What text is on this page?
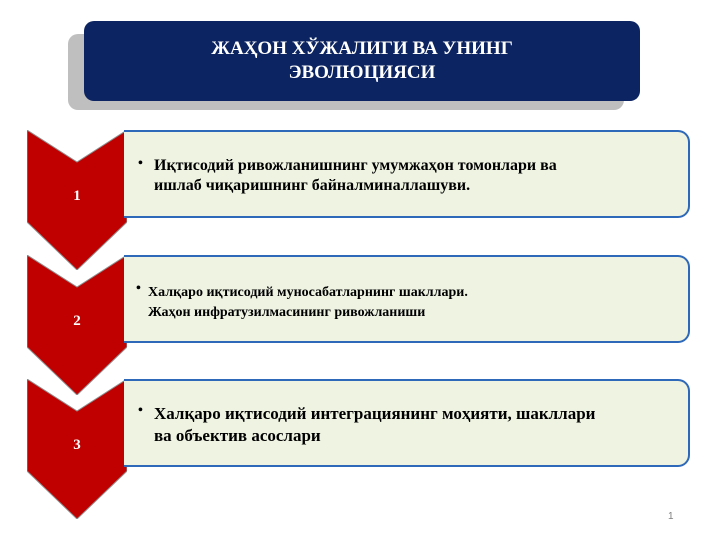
ЖАҲОН ХЎЖАЛИГИ ВА УНИНГ
ЭВОЛЮЦИЯСИ
• Иқтисодий ривожланишнинг умумжаҳон томонлари ва
ишлаб чиқаришнинг байналминаллашуви.
1
• Халқаро иқтисодий муносабатларнинг шакллари.
Жаҳон инфратузилмасининг ривожланиши
2
• Халқаро иқтисодий интеграциянинг моҳияти, шакллари
ва объектив асослари
3
1
